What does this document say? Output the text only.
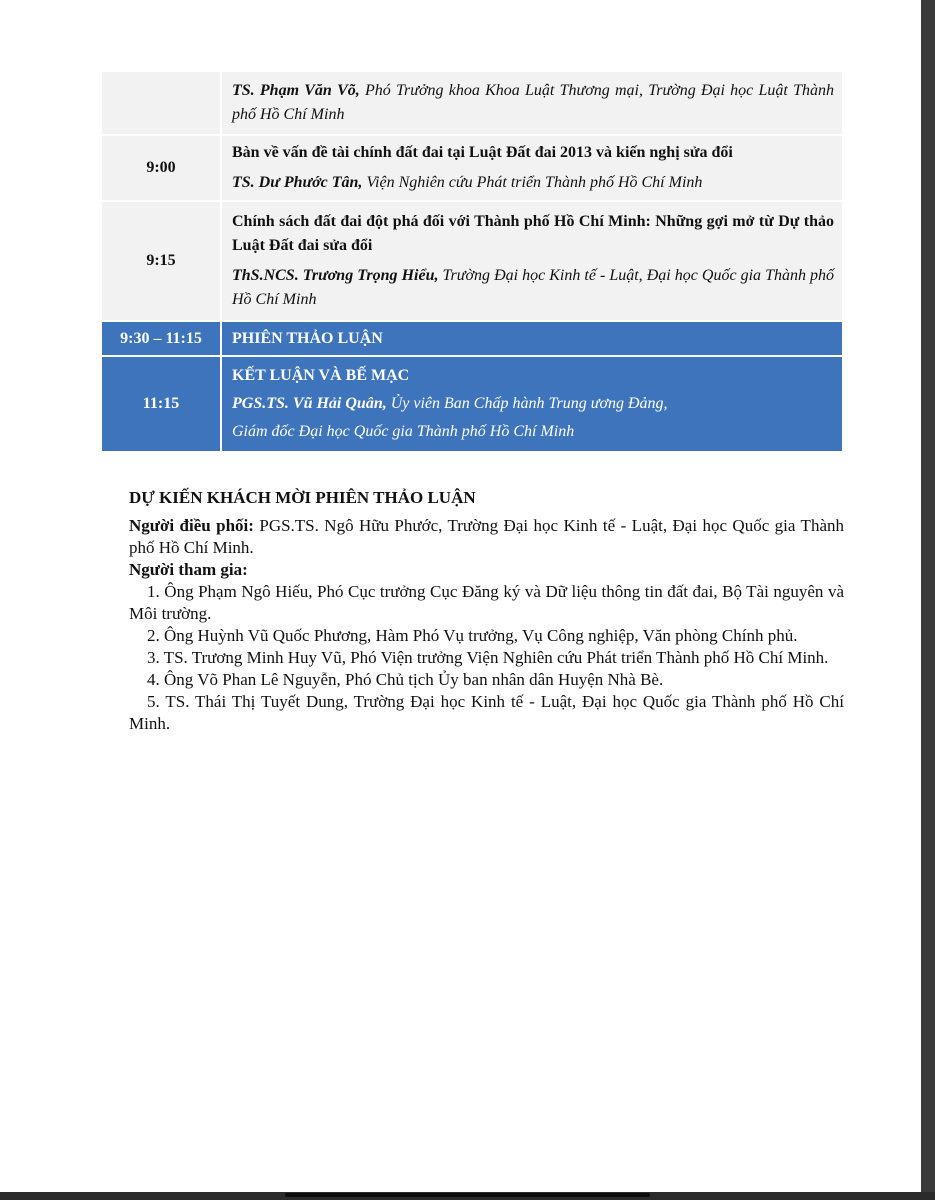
	TS. Phạm Văn Võ, Phó Trưởng khoa Khoa Luật Thương mại, Trường Đại học Luật Thành phố Hồ Chí Minh

9:00	Bàn về vấn đề tài chính đất đai tại Luật Đất đai 2013 và kiến nghị sửa đổi
TS. Dư Phước Tân, Viện Nghiên cứu Phát triển Thành phố Hồ Chí Minh

9:15	Chính sách đất đai đột phá đối với Thành phố Hồ Chí Minh: Những gợi mở từ Dự thảo Luật Đất đai sửa đổi
ThS.NCS. Trương Trọng Hiểu, Trường Đại học Kinh tế - Luật, Đại học Quốc gia Thành phố Hồ Chí Minh

9:30 – 11:15	PHIÊN THẢO LUẬN

11:15	KẾT LUẬN VÀ BẾ MẠC
PGS.TS. Vũ Hải Quân, Ủy viên Ban Chấp hành Trung ương Đảng,
Giám đốc Đại học Quốc gia Thành phố Hồ Chí Minh
DỰ KIẾN KHÁCH MỜI PHIÊN THẢO LUẬN

Người điều phối: PGS.TS. Ngô Hữu Phước, Trường Đại học Kinh tế - Luật, Đại học Quốc gia Thành phố Hồ Chí Minh.

Người tham gia:

1. Ông Phạm Ngô Hiếu, Phó Cục trưởng Cục Đăng ký và Dữ liệu thông tin đất đai, Bộ Tài nguyên và Môi trường.

2. Ông Huỳnh Vũ Quốc Phương, Hàm Phó Vụ trưởng, Vụ Công nghiệp, Văn phòng Chính phủ.

3. TS. Trương Minh Huy Vũ, Phó Viện trưởng Viện Nghiên cứu Phát triển Thành phố Hồ Chí Minh.

4. Ông Võ Phan Lê Nguyễn, Phó Chủ tịch Ủy ban nhân dân Huyện Nhà Bè.

5. TS. Thái Thị Tuyết Dung, Trường Đại học Kinh tế - Luật, Đại học Quốc gia Thành phố Hồ Chí Minh.
